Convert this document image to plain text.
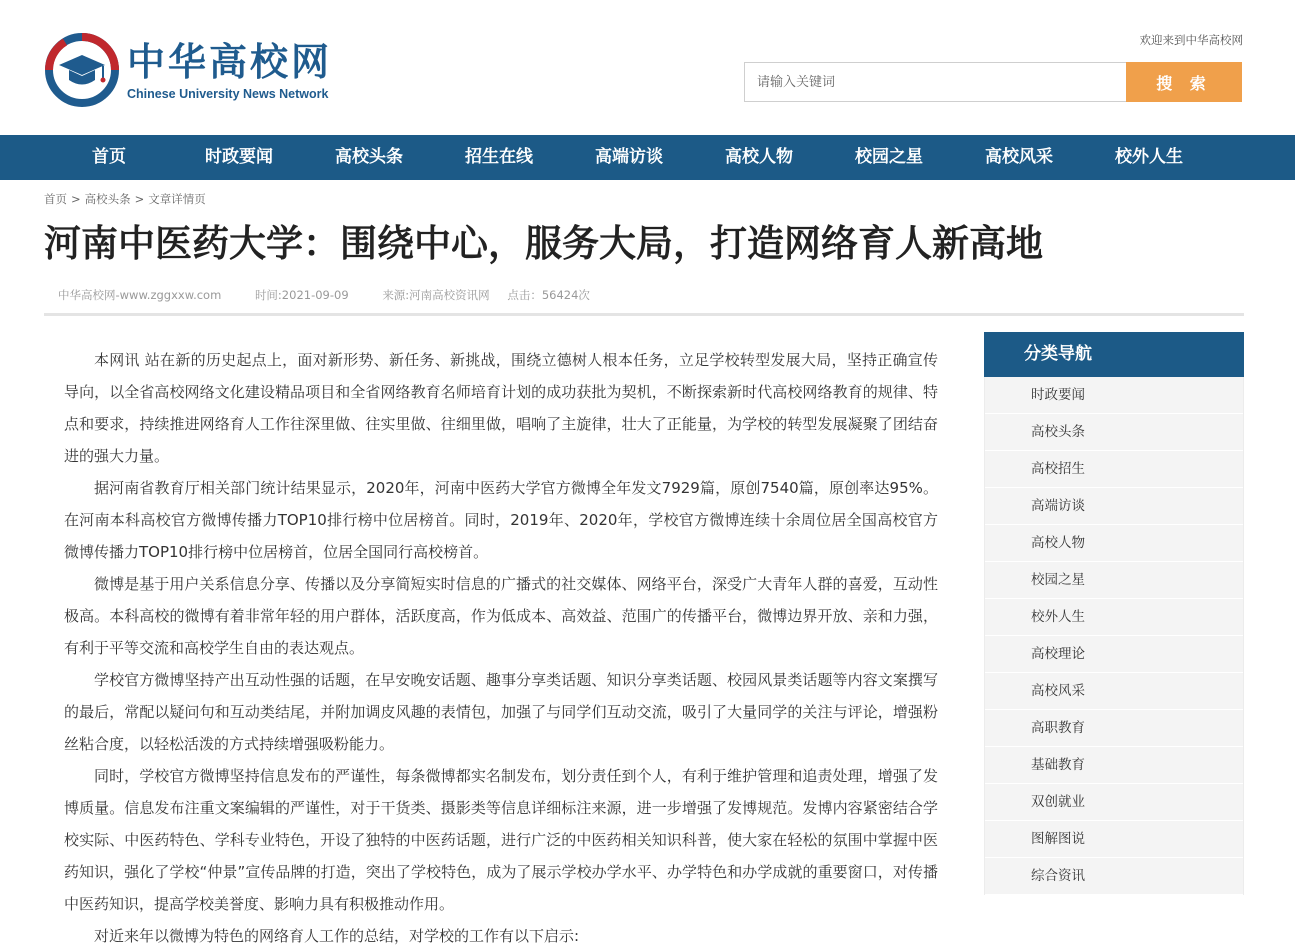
中华高校网
Chinese University News Network
欢迎来到中华高校网
请输入关键词
搜 索
首页	时政要闻	高校头条	招生在线	高端访谈	高校人物	校园之星	高校风采	校外人生
首页 > 高校头条 > 文章详情页
河南中医药大学：围绕中心，服务大局，打造网络育人新高地
中华高校网-www.zggxxw.com	时间:2021-09-09	来源:河南高校资讯网 点击：56424次

本网讯 站在新的历史起点上，面对新形势、新任务、新挑战，围绕立德树人根本任务，立足学校转型发展大局，坚持正确宣传导向，以全省高校网络文化建设精品项目和全省网络教育名师培育计划的成功获批为契机，不断探索新时代高校网络教育的规律、特点和要求，持续推进网络育人工作往深里做、往实里做、往细里做，唱响了主旋律，壮大了正能量，为学校的转型发展凝聚了团结奋进的强大力量。

据河南省教育厅相关部门统计结果显示，2020年，河南中医药大学官方微博全年发文7929篇，原创7540篇，原创率达95%。在河南本科高校官方微博传播力TOP10排行榜中位居榜首。同时，2019年、2020年，学校官方微博连续十余周位居全国高校官方微博传播力TOP10排行榜中位居榜首，位居全国同行高校榜首。

微博是基于用户关系信息分享、传播以及分享简短实时信息的广播式的社交媒体、网络平台，深受广大青年人群的喜爱，互动性极高。本科高校的微博有着非常年轻的用户群体，活跃度高，作为低成本、高效益、范围广的传播平台，微博边界开放、亲和力强，有利于平等交流和高校学生自由的表达观点。

学校官方微博坚持产出互动性强的话题，在早安晚安话题、趣事分享类话题、知识分享类话题、校园风景类话题等内容文案撰写的最后，常配以疑问句和互动类结尾，并附加调皮风趣的表情包，加强了与同学们互动交流，吸引了大量同学的关注与评论，增强粉丝粘合度，以轻松活泼的方式持续增强吸粉能力。

同时，学校官方微博坚持信息发布的严谨性，每条微博都实名制发布，划分责任到个人，有利于维护管理和追责处理，增强了发博质量。信息发布注重文案编辑的严谨性，对于干货类、摄影类等信息详细标注来源，进一步增强了发博规范。发博内容紧密结合学校实际、中医药特色、学科专业特色，开设了独特的中医药话题，进行广泛的中医药相关知识科普，使大家在轻松的氛围中掌握中医药知识，强化了学校“仲景”宣传品牌的打造，突出了学校特色，成为了展示学校办学水平、办学特色和办学成就的重要窗口，对传播中医药知识，提高学校美誉度、影响力具有积极推动作用。

对近来年以微博为特色的网络育人工作的总结，对学校的工作有以下启示:

分类导航
时政要闻
高校头条
高校招生
高端访谈
高校人物
校园之星
校外人生
高校理论
高校风采
高职教育
基础教育
双创就业
图解图说
综合资讯
